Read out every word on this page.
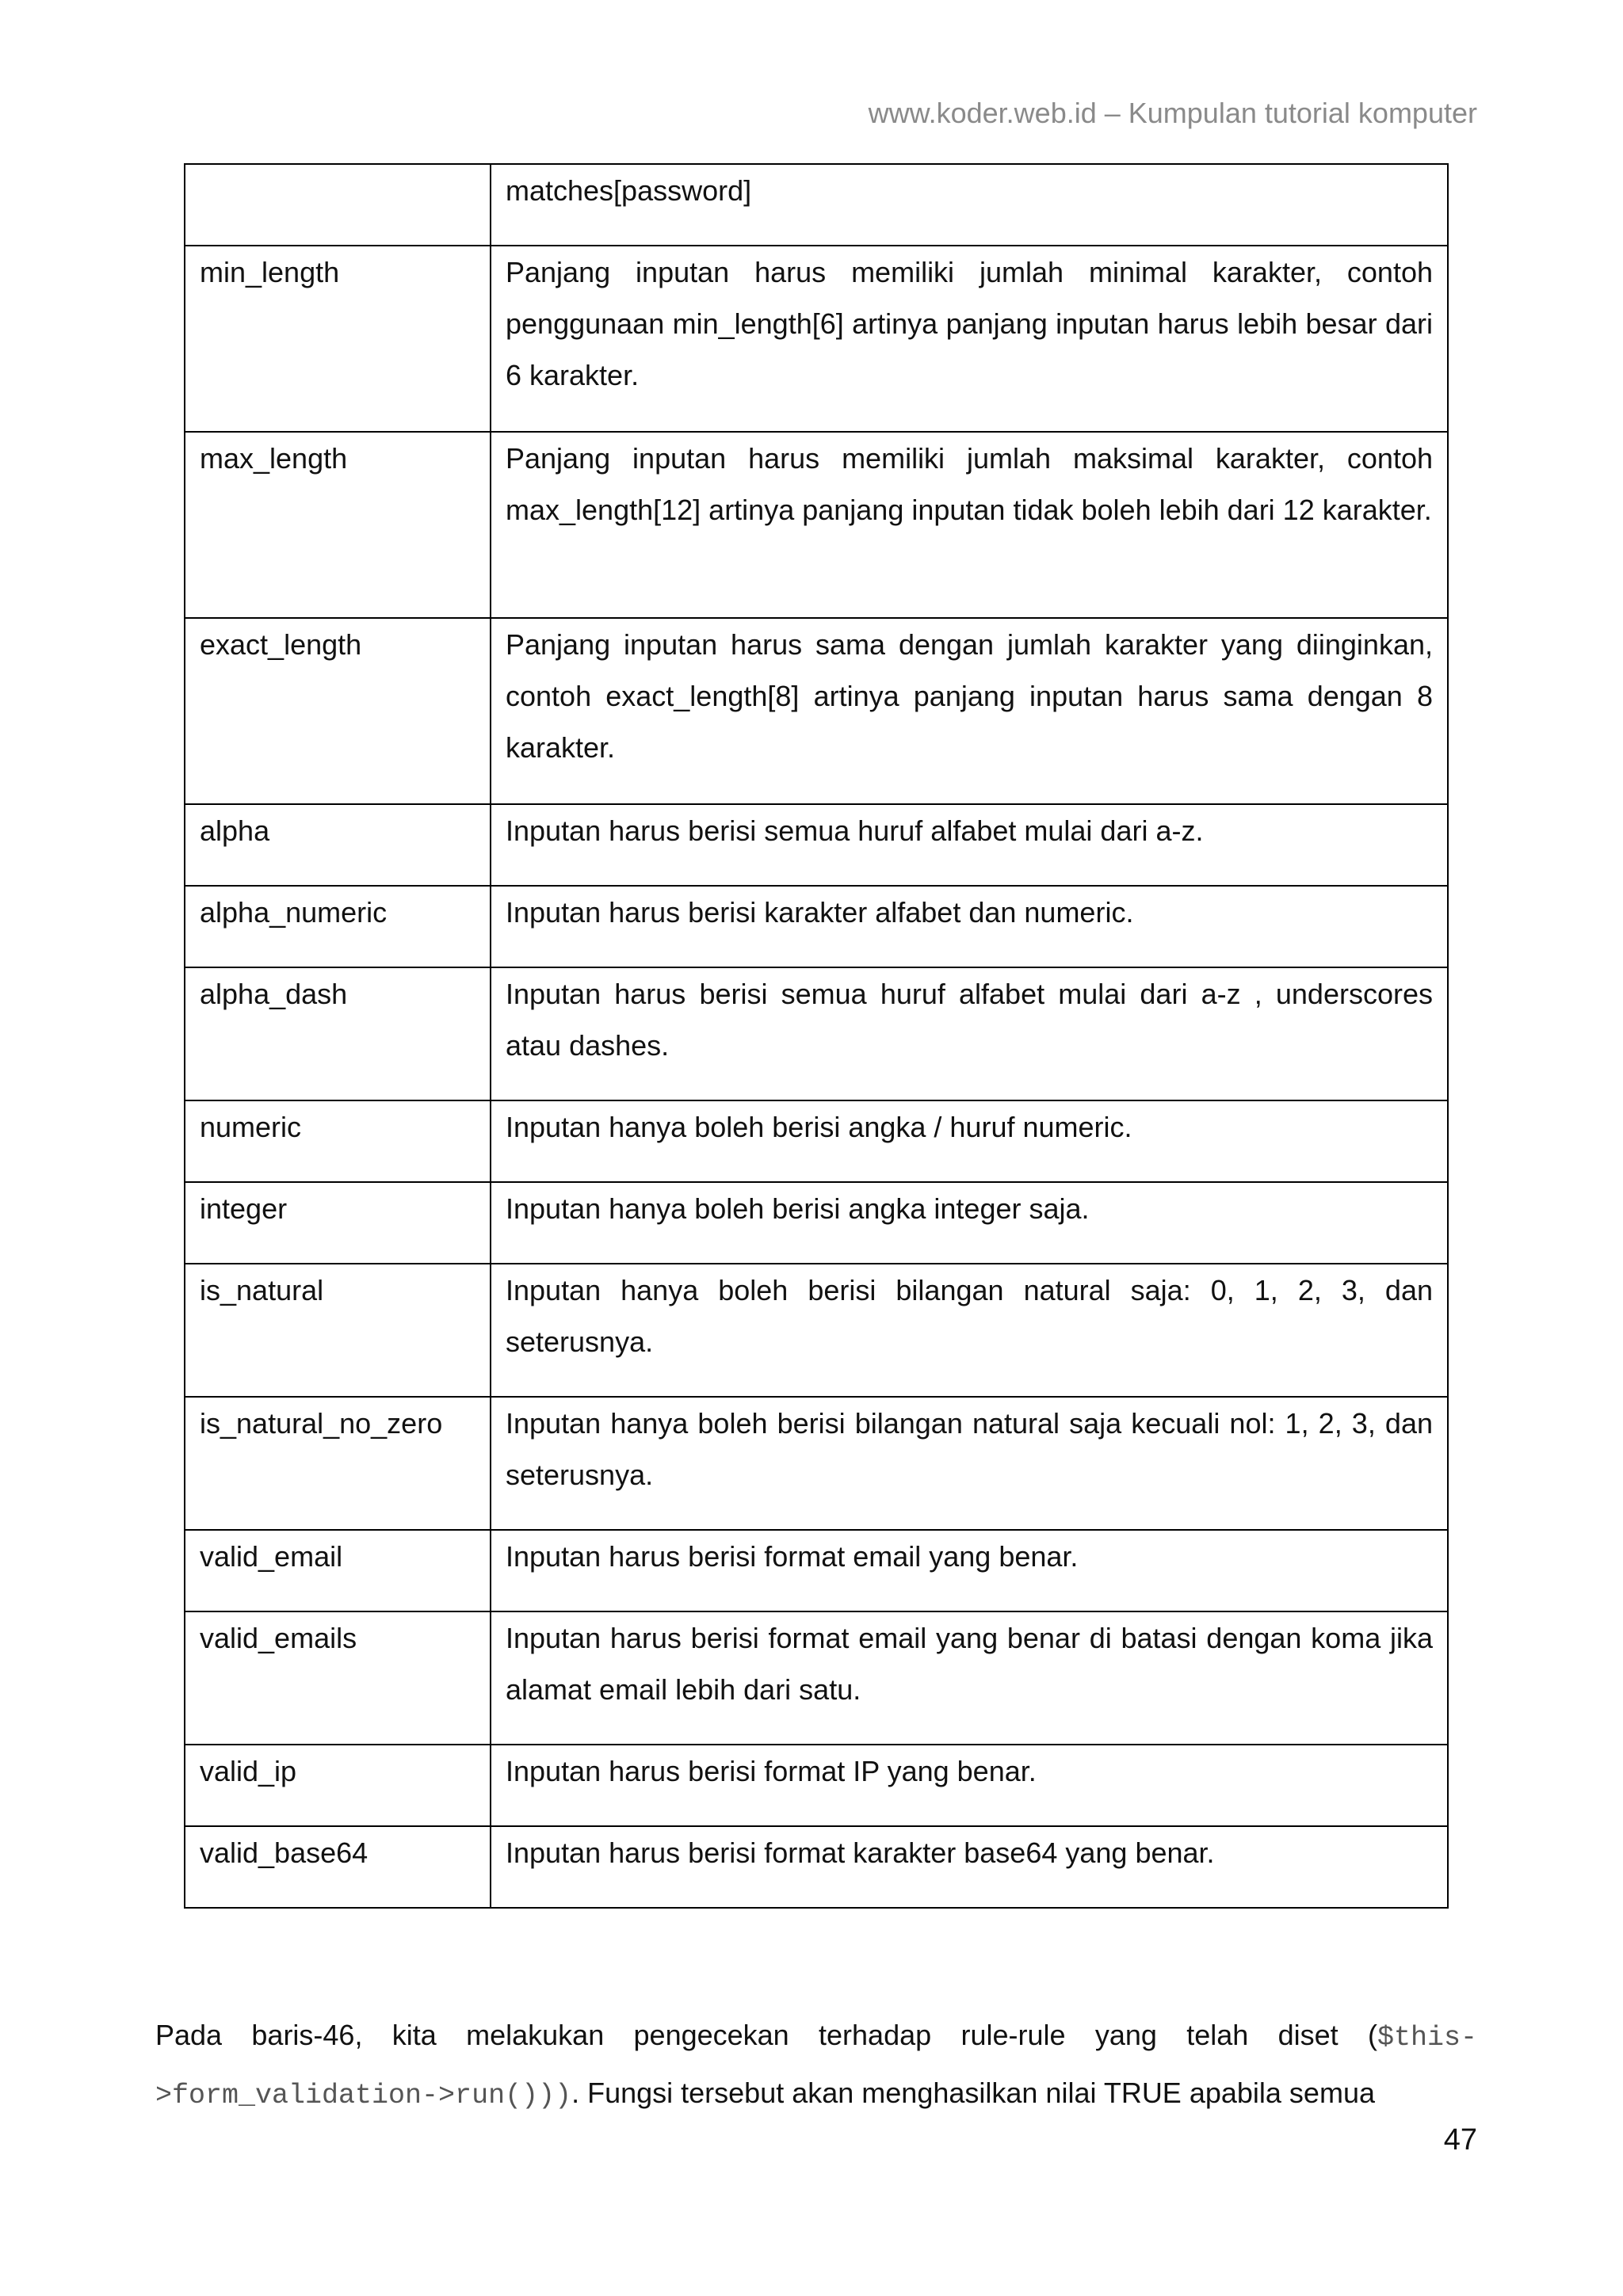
www.koder.web.id – Kumpulan tutorial komputer
	matches[password]
min_length	Panjang inputan harus memiliki jumlah minimal karakter, contoh penggunaan min_length[6] artinya panjang inputan harus lebih besar dari 6 karakter.
max_length	Panjang inputan harus memiliki jumlah maksimal karakter, contoh max_length[12] artinya panjang inputan tidak boleh lebih dari 12 karakter.
exact_length	Panjang inputan harus sama dengan jumlah karakter yang diinginkan, contoh exact_length[8] artinya panjang inputan harus sama dengan 8 karakter.
alpha	Inputan harus berisi semua huruf alfabet mulai dari a-z.
alpha_numeric	Inputan harus berisi karakter alfabet dan numeric.
alpha_dash	Inputan harus berisi semua huruf alfabet mulai dari a-z , underscores atau dashes.
numeric	Inputan hanya boleh berisi angka / huruf numeric.
integer	Inputan hanya boleh berisi angka integer saja.
is_natural	Inputan hanya boleh berisi bilangan natural saja: 0, 1, 2, 3, dan seterusnya.
is_natural_no_zero	Inputan hanya boleh berisi bilangan natural saja kecuali nol: 1, 2, 3, dan seterusnya.
valid_email	Inputan harus berisi format email yang benar.
valid_emails	Inputan harus berisi format email yang benar di batasi dengan koma jika alamat email lebih dari satu.
valid_ip	Inputan harus berisi format IP yang benar.
valid_base64	Inputan harus berisi format karakter base64 yang benar.

Pada baris-46, kita melakukan pengecekan terhadap rule-rule yang telah diset ($this->form_validation->run())). Fungsi tersebut akan menghasilkan nilai TRUE apabila semua

47
